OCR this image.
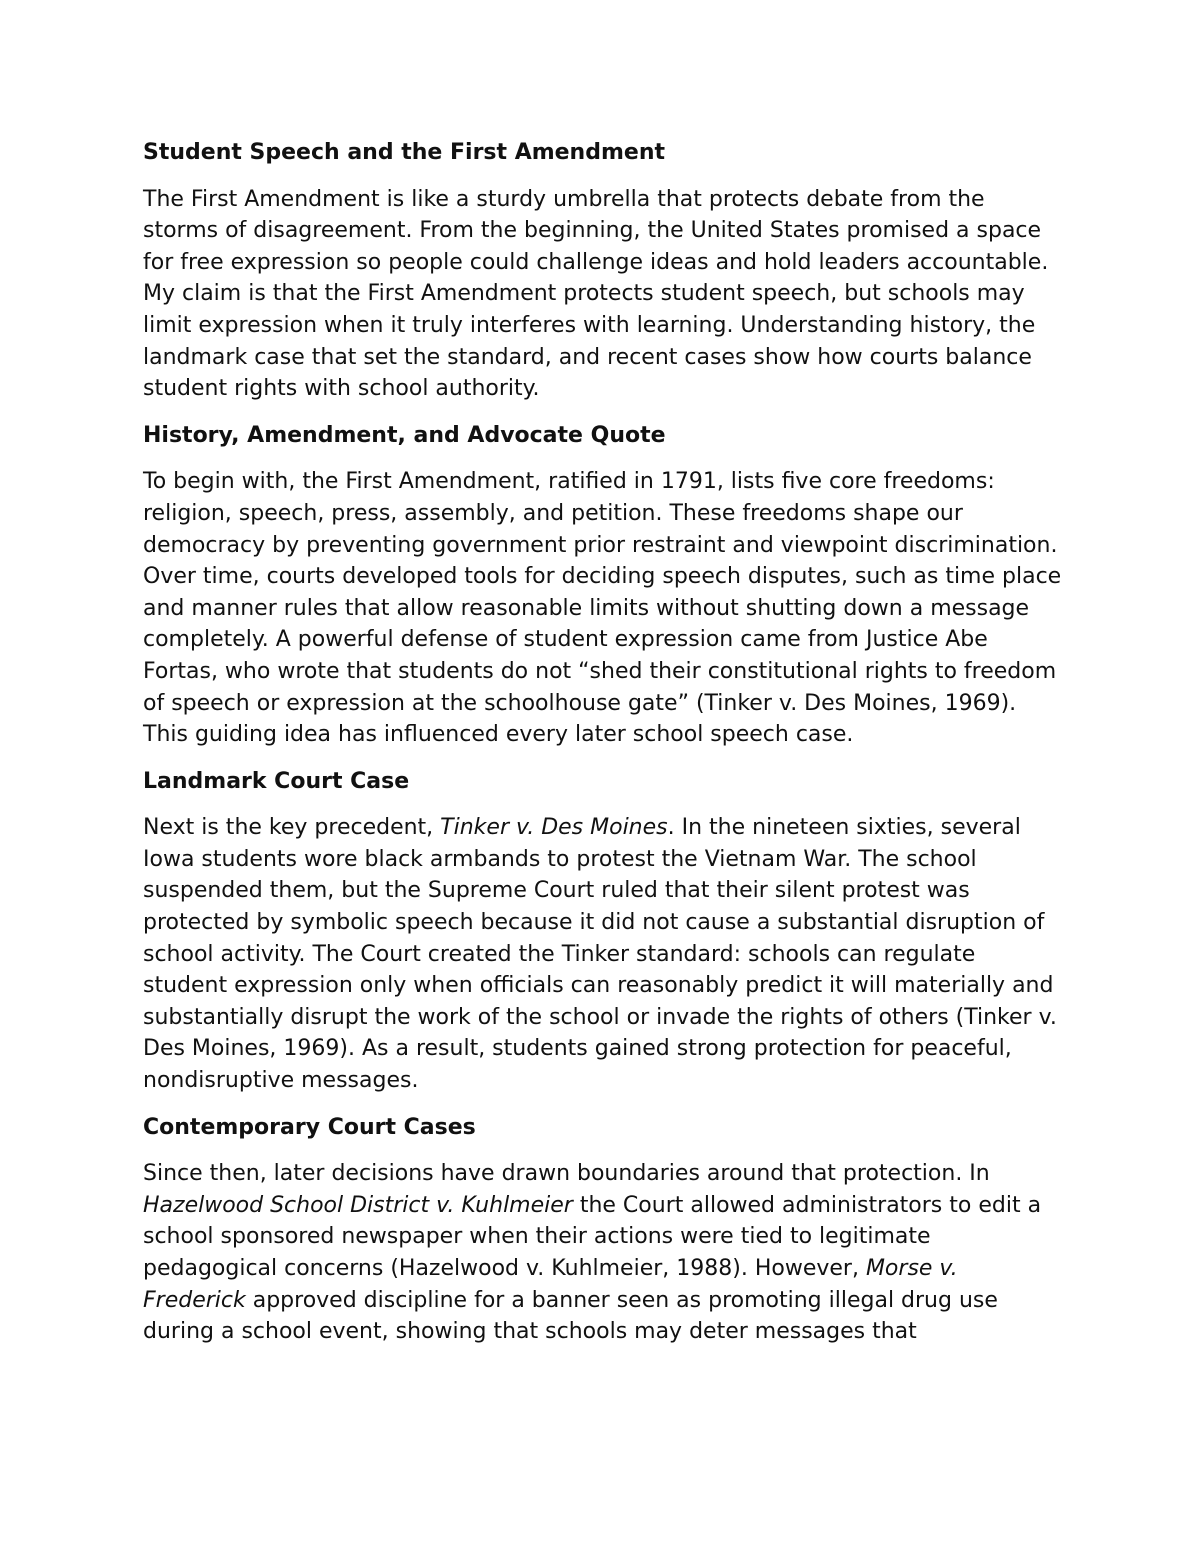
Student Speech and the First Amendment

The First Amendment is like a sturdy umbrella that protects debate from the storms of disagreement. From the beginning, the United States promised a space for free expression so people could challenge ideas and hold leaders accountable. My claim is that the First Amendment protects student speech, but schools may limit expression when it truly interferes with learning. Understanding history, the landmark case that set the standard, and recent cases show how courts balance student rights with school authority.

History, Amendment, and Advocate Quote

To begin with, the First Amendment, ratified in 1791, lists five core freedoms: religion, speech, press, assembly, and petition. These freedoms shape our democracy by preventing government prior restraint and viewpoint discrimination. Over time, courts developed tools for deciding speech disputes, such as time place and manner rules that allow reasonable limits without shutting down a message completely. A powerful defense of student expression came from Justice Abe Fortas, who wrote that students do not “shed their constitutional rights to freedom of speech or expression at the schoolhouse gate” (Tinker v. Des Moines, 1969). This guiding idea has influenced every later school speech case.

Landmark Court Case

Next is the key precedent, Tinker v. Des Moines. In the nineteen sixties, several Iowa students wore black armbands to protest the Vietnam War. The school suspended them, but the Supreme Court ruled that their silent protest was protected by symbolic speech because it did not cause a substantial disruption of school activity. The Court created the Tinker standard: schools can regulate student expression only when officials can reasonably predict it will materially and substantially disrupt the work of the school or invade the rights of others (Tinker v. Des Moines, 1969). As a result, students gained strong protection for peaceful, nondisruptive messages.

Contemporary Court Cases

Since then, later decisions have drawn boundaries around that protection. In Hazelwood School District v. Kuhlmeier the Court allowed administrators to edit a school sponsored newspaper when their actions were tied to legitimate pedagogical concerns (Hazelwood v. Kuhlmeier, 1988). However, Morse v. Frederick approved discipline for a banner seen as promoting illegal drug use during a school event, showing that schools may deter messages that
